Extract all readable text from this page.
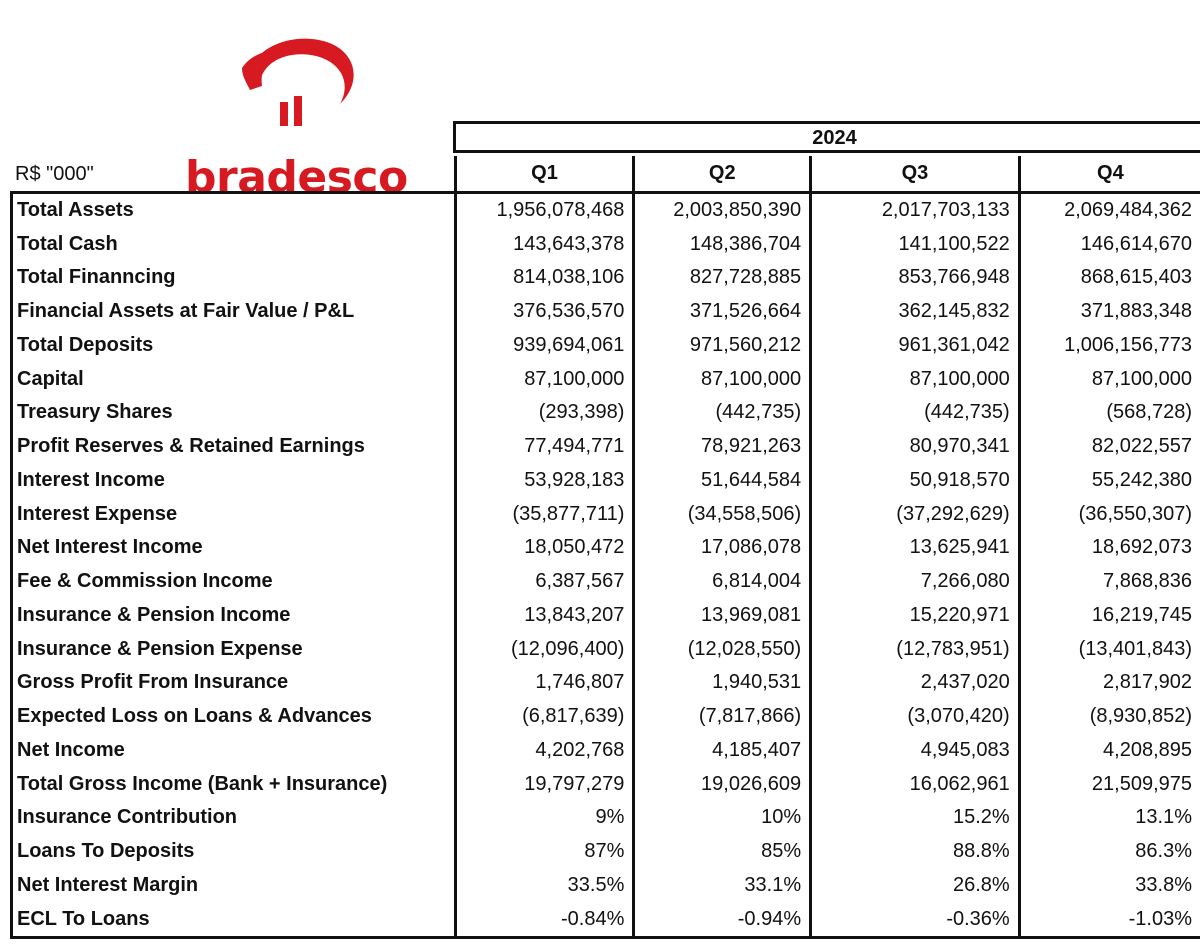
bradesco
R$ "000"
2024
	Q1	Q2	Q3	Q4
Total Assets	1,956,078,468	2,003,850,390	2,017,703,133	2,069,484,362
Total Cash	143,643,378	148,386,704	141,100,522	146,614,670
Total Finanncing	814,038,106	827,728,885	853,766,948	868,615,403
Financial Assets at Fair Value / P&L	376,536,570	371,526,664	362,145,832	371,883,348
Total Deposits	939,694,061	971,560,212	961,361,042	1,006,156,773
Capital	87,100,000	87,100,000	87,100,000	87,100,000
Treasury Shares	(293,398)	(442,735)	(442,735)	(568,728)
Profit Reserves & Retained Earnings	77,494,771	78,921,263	80,970,341	82,022,557
Interest Income	53,928,183	51,644,584	50,918,570	55,242,380
Interest Expense	(35,877,711)	(34,558,506)	(37,292,629)	(36,550,307)
Net Interest Income	18,050,472	17,086,078	13,625,941	18,692,073
Fee & Commission Income	6,387,567	6,814,004	7,266,080	7,868,836
Insurance & Pension Income	13,843,207	13,969,081	15,220,971	16,219,745
Insurance & Pension Expense	(12,096,400)	(12,028,550)	(12,783,951)	(13,401,843)
Gross Profit From Insurance	1,746,807	1,940,531	2,437,020	2,817,902
Expected Loss on Loans & Advances	(6,817,639)	(7,817,866)	(3,070,420)	(8,930,852)
Net Income	4,202,768	4,185,407	4,945,083	4,208,895
Total Gross Income (Bank + Insurance)	19,797,279	19,026,609	16,062,961	21,509,975
Insurance Contribution	9%	10%	15.2%	13.1%
Loans To Deposits	87%	85%	88.8%	86.3%
Net Interest Margin	33.5%	33.1%	26.8%	33.8%
ECL To Loans	-0.84%	-0.94%	-0.36%	-1.03%
